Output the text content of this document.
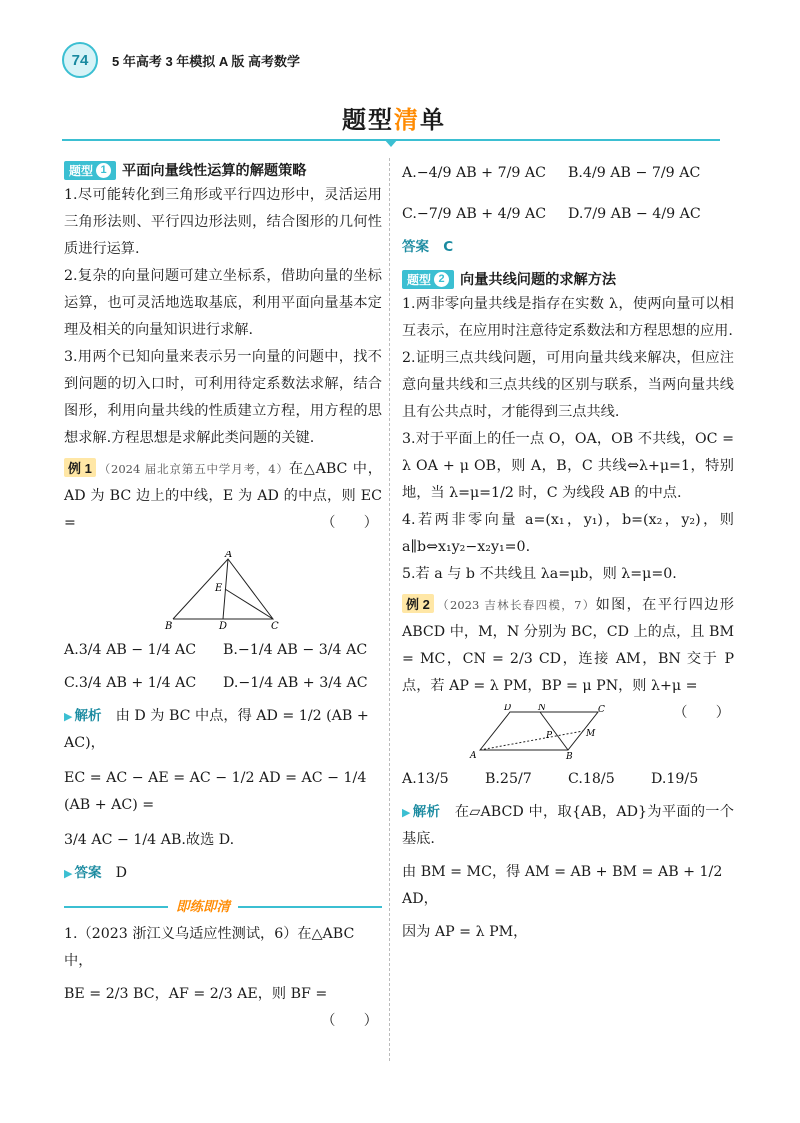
74	5 年高考 3 年模拟 A 版 高考数学
题型清单
题型 1	平面向量线性运算的解题策略
1.尽可能转化到三角形或平行四边形中，灵活运用三角形法则、平行四边形法则，结合图形的几何性质进行运算.
2.复杂的向量问题可建立坐标系，借助向量的坐标运算，也可灵活地选取基底，利用平面向量基本定理及相关的向量知识进行求解.
3.用两个已知向量来表示另一向量的问题中，找不到问题的切入口时，可利用待定系数法求解，结合图形，利用向量共线的性质建立方程，用方程的思想求解.方程思想是求解此类问题的关键.
例 1 （2024 届北京第五中学月考，4）在△ABC 中，AD 为 BC 边上的中线，E 为 AD 的中点，则 EC =	（　　）
A
E
B	D	C
A.3/4 AB − 1/4 AC	B.−1/4 AB − 3/4 AC
C.3/4 AB + 1/4 AC	D.−1/4 AB + 3/4 AC
▶ 解析　 由 D 为 BC 中点，得 AD = 1/2 (AB + AC)，
EC = AC − AE = AC − 1/2 AD = AC − 1/4 (AB + AC) =
3/4 AC − 1/4 AB.故选 D.
▶ 答案　 D
即练即清
1.（2023 浙江义乌适应性测试，6）在△ABC 中，
BE = 2/3 BC，AF = 2/3 AE，则 BF =
（　　）
A.−4/9 AB + 7/9 AC	B.4/9 AB − 7/9 AC
C.−7/9 AB + 4/9 AC	D.7/9 AB − 4/9 AC
答案　 C
题型 2	向量共线问题的求解方法
1.两非零向量共线是指存在实数 λ，使两向量可以相互表示，在应用时注意待定系数法和方程思想的应用.
2.证明三点共线问题，可用向量共线来解决，但应注意向量共线和三点共线的区别与联系，当两向量共线且有公共点时，才能得到三点共线.
3.对于平面上的任一点 O，OA，OB 不共线，OC = λ OA + μ OB，则 A，B，C 共线⇔λ+μ=1，特别地，当 λ=μ=1/2 时，C 为线段 AB 的中点.
4.若两非零向量 a=(x₁，y₁)，b=(x₂，y₂)，则 a∥b⇔x₁y₂−x₂y₁=0.
5.若 a 与 b 不共线且 λa=μb，则 λ=μ=0.
例 2 （2023 吉林长春四模，7）如图，在平行四边形 ABCD 中，M，N 分别为 BC，CD 上的点，且 BM = MC，CN = 2/3 CD，连接 AM，BN 交于 P 点，若 AP = λ PM，BP = μ PN，则 λ+μ =
（　　）
D	N	C
P	M
A	B
A.13/5	B.25/7	C.18/5	D.19/5
▶ 解析　 在▱ABCD 中，取{AB，AD}为平面的一个基底.
由 BM = MC，得 AM = AB + BM = AB + 1/2 AD，
因为 AP = λ PM，
